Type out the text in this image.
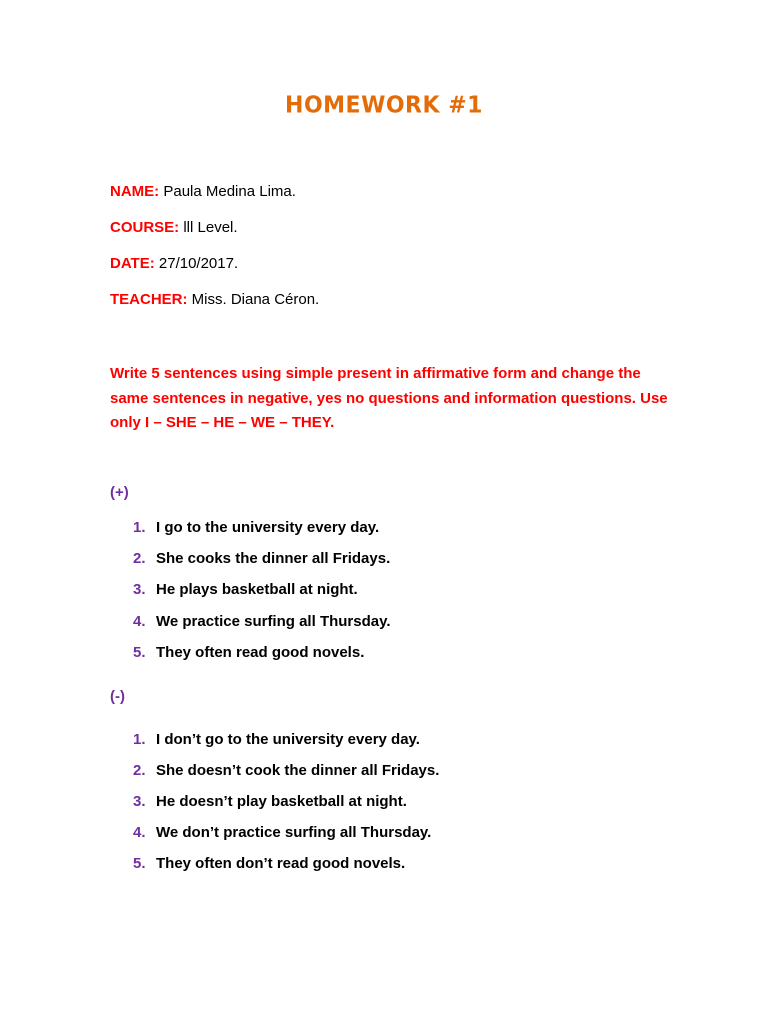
HOMEWORK #1
NAME: Paula Medina Lima.
COURSE: lll Level.
DATE: 27/10/2017.
TEACHER: Miss. Diana Céron.
Write 5 sentences using simple present in affirmative form and change the same sentences in negative, yes no questions and information questions. Use only I – SHE – HE – WE – THEY.
(+)
1. I go to the university every day.
2. She cooks the dinner all Fridays.
3. He plays basketball at night.
4. We practice surfing all Thursday.
5. They often read good novels.
(-)
1. I don’t go to the university every day.
2. She doesn’t cook the dinner all Fridays.
3. He doesn’t play basketball at night.
4. We don’t practice surfing all Thursday.
5. They often don’t read good novels.
